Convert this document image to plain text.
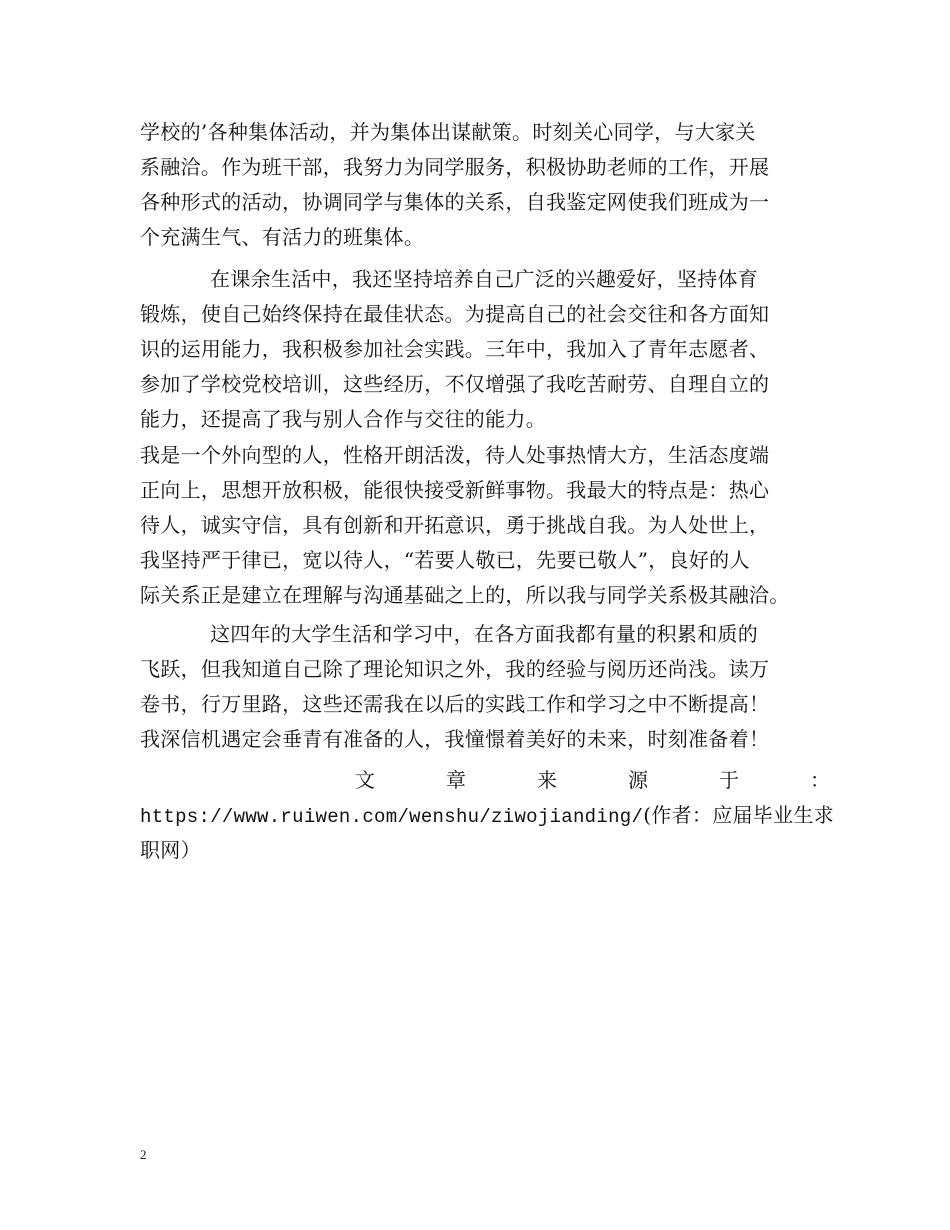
学校的’各种集体活动，并为集体出谋献策。时刻关心同学，与大家关
系融洽。作为班干部，我努力为同学服务，积极协助老师的工作，开展
各种形式的活动，协调同学与集体的关系，自我鉴定网使我们班成为一
个充满生气、有活力的班集体。
在课余生活中，我还坚持培养自己广泛的兴趣爱好，坚持体育
锻炼，使自己始终保持在最佳状态。为提高自己的社会交往和各方面知
识的运用能力，我积极参加社会实践。三年中，我加入了青年志愿者、
参加了学校党校培训，这些经历，不仅增强了我吃苦耐劳、自理自立的
能力，还提高了我与别人合作与交往的能力。
我是一个外向型的人，性格开朗活泼，待人处事热情大方，生活态度端
正向上，思想开放积极，能很快接受新鲜事物。我最大的特点是：热心
待人，诚实守信，具有创新和开拓意识，勇于挑战自我。为人处世上，
我坚持严于律已，宽以待人，“若要人敬已，先要已敬人”，良好的人
际关系正是建立在理解与沟通基础之上的，所以我与同学关系极其融洽。
这四年的大学生活和学习中，在各方面我都有量的积累和质的
飞跃，但我知道自己除了理论知识之外，我的经验与阅历还尚浅。读万
卷书，行万里路，这些还需我在以后的实践工作和学习之中不断提高！
我深信机遇定会垂青有准备的人，我憧憬着美好的未来，时刻准备着！
文	章	来	源	于	：
https://www.ruiwen.com/wenshu/ziwojianding/(作者：应届毕业生求
职网）
2
